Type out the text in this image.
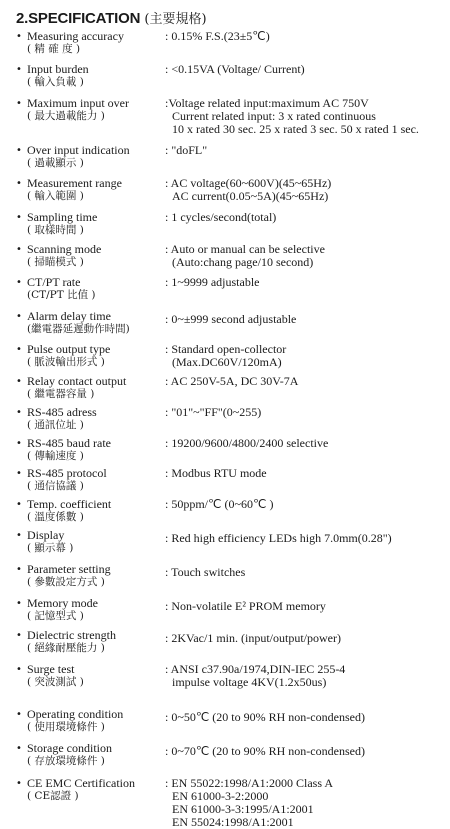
2.SPECIFICATION (主要規格)
• Measuring accuracy
( 精 確 度 )
: 0.15% F.S.(23±5℃)
• Input burden
( 輸入負載 )
: <0.15VA (Voltage/ Current)
• Maximum input over
( 最大過載能力 )
:Voltage related input:maximum AC 750V
Current related input: 3 x rated continuous
10 x rated 30 sec. 25 x rated 3 sec. 50 x rated 1 sec.
• Over input indication
( 過載顯示 )
: "doFL"
• Measurement range
( 輸入範圍 )
: AC voltage(60~600V)(45~65Hz)
AC current(0.05~5A)(45~65Hz)
• Sampling time
( 取樣時間 )
: 1 cycles/second(total)
• Scanning mode
( 掃瞄模式 )
: Auto or manual can be selective
(Auto:chang page/10 second)
• CT/PT rate
(CT/PT 比值 )
: 1~9999 adjustable
• Alarm delay time
(繼電器延遲動作時間)
: 0~±999 second adjustable
• Pulse output type
( 脈波輸出形式 )
: Standard open-collector
(Max.DC60V/120mA)
• Relay contact output
( 繼電器容量 )
: AC 250V-5A, DC 30V-7A
• RS-485 adress
( 通訊位址 )
: "01"~"FF"(0~255)
• RS-485 baud rate
( 傳輸速度 )
: 19200/9600/4800/2400 selective
• RS-485 protocol
( 通信協議 )
: Modbus RTU mode
• Temp. coefficient
( 溫度係數 )
: 50ppm/℃ (0~60℃ )
• Display
( 顯示幕 )
: Red high efficiency LEDs high 7.0mm(0.28")
• Parameter setting
( 參數設定方式 )
: Touch switches
• Memory mode
( 記憶型式 )
: Non-volatile E² PROM memory
• Dielectric strength
( 絕緣耐壓能力 )
: 2KVac/1 min. (input/output/power)
• Surge test
( 突波測試 )
: ANSI c37.90a/1974,DIN-IEC 255-4
impulse voltage 4KV(1.2x50us)
• Operating condition
( 使用環境條件 )
: 0~50℃ (20 to 90% RH non-condensed)
• Storage condition
( 存放環境條件 )
: 0~70℃ (20 to 90% RH non-condensed)
• CE EMC Certification
( CE認證 )
: EN 55022:1998/A1:2000 Class A
EN 61000-3-2:2000
EN 61000-3-3:1995/A1:2001
EN 55024:1998/A1:2001
